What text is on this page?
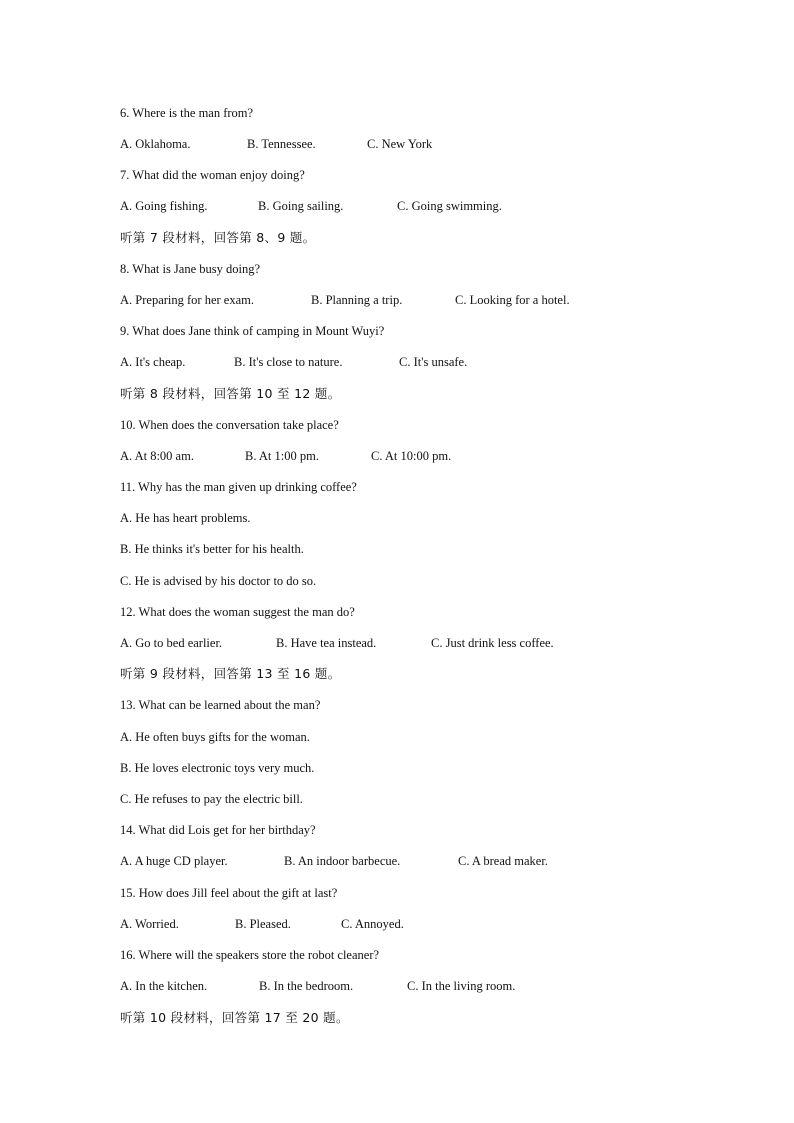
6. Where is the man from?

A. Oklahoma.

	B. Tennessee.

	C. New York

7. What did the woman enjoy doing?

A. Going fishing.

	B. Going sailing.

	C. Going swimming.

听第 7 段材料，回答第 8、9 题。
8. What is Jane busy doing?

A. Preparing for her exam.

	B. Planning a trip.

	C. Looking for a hotel.

9. What does Jane think of camping in Mount Wuyi?

A. It's cheap.

	B. It's close to nature.

	C. It's unsafe.

听第 8 段材料，回答第 10 至 12 题。
10. When does the conversation take place?

A. At 8:00 am.

	B. At 1:00 pm.

	C. At 10:00 pm.

11. Why has the man given up drinking coffee?
A. He has heart problems.
B. He thinks it's better for his health.
C. He is advised by his doctor to do so.
12. What does the woman suggest the man do?

A. Go to bed earlier.

	B. Have tea instead.

	C. Just drink less coffee.

听第 9 段材料，回答第 13 至 16 题。
13. What can be learned about the man?
A. He often buys gifts for the woman.
B. He loves electronic toys very much.
C. He refuses to pay the electric bill.
14. What did Lois get for her birthday?

A. A huge CD player.

	B. An indoor barbecue.

	C. A bread maker.

15. How does Jill feel about the gift at last?

A. Worried.

	B. Pleased.

	C. Annoyed.

16. Where will the speakers store the robot cleaner?

A. In the kitchen.

	B. In the bedroom.

	C. In the living room.

听第 10 段材料，回答第 17 至 20 题。
